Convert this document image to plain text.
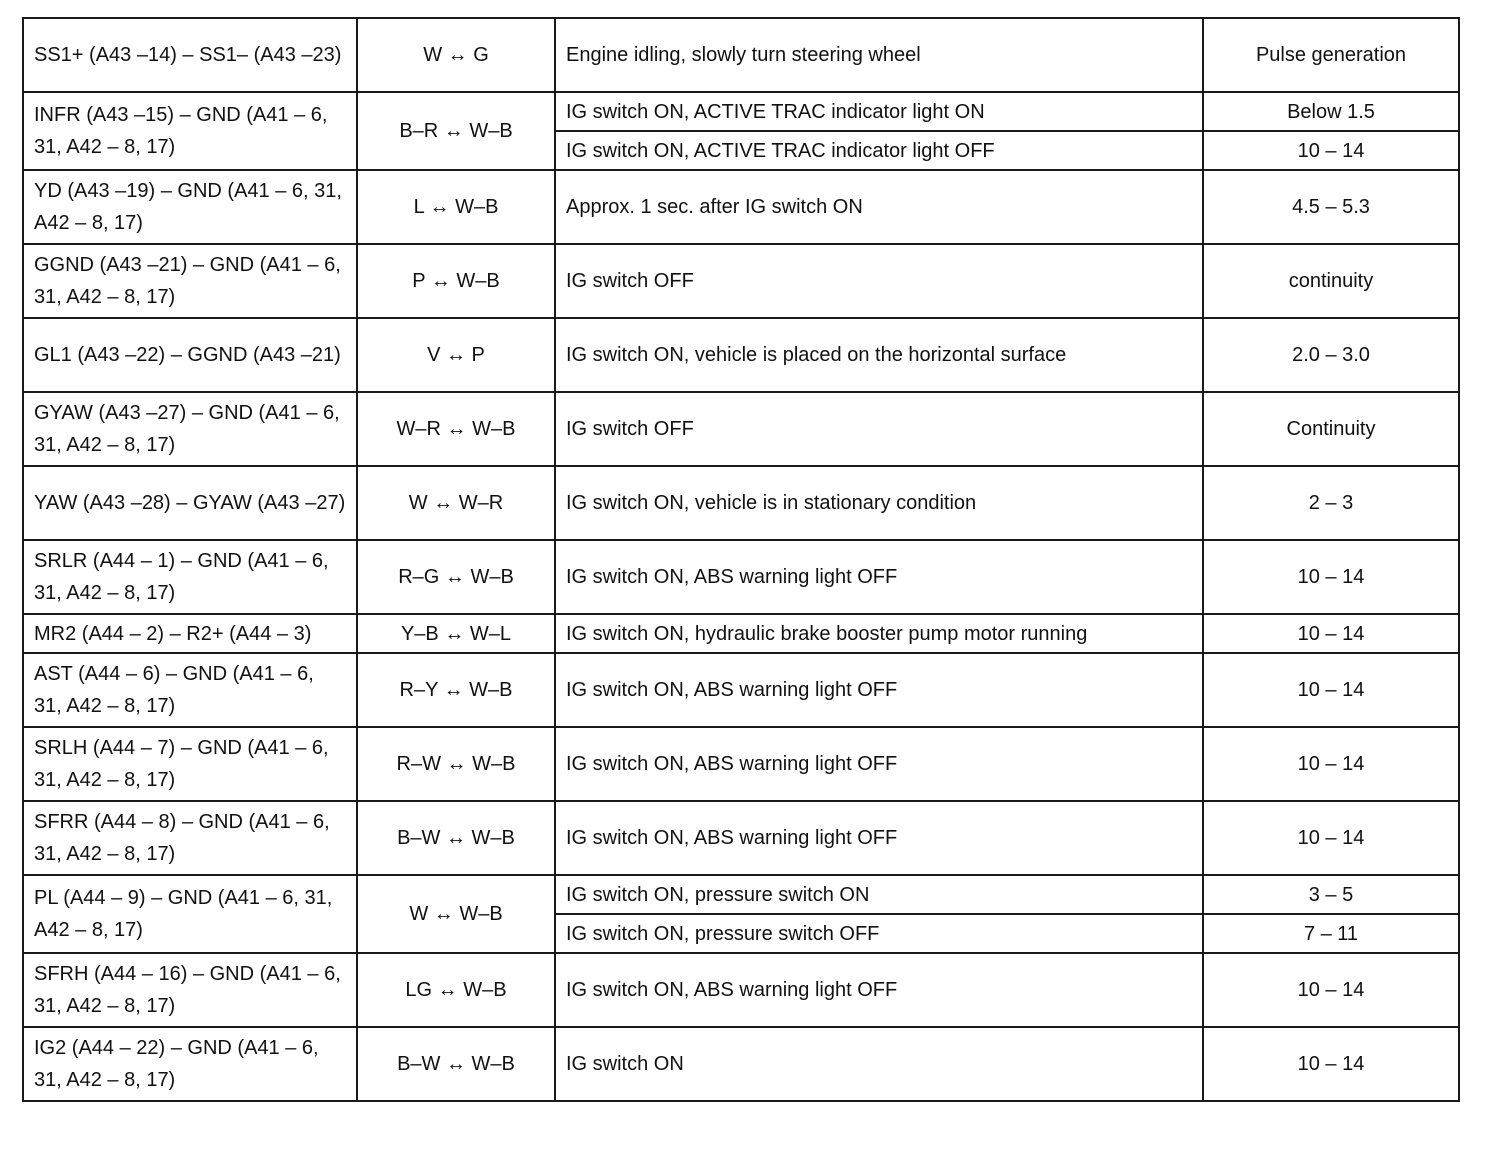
SS1+ (A43 –14) – SS1– (A43 –23)	W ↔ G	Engine idling, slowly turn steering wheel	Pulse generation
INFR (A43 –15) – GND (A41 – 6, 31, A42 – 8, 17)	B–R ↔ W–B	IG switch ON, ACTIVE TRAC indicator light ON	Below 1.5
		IG switch ON, ACTIVE TRAC indicator light OFF	10 – 14
YD (A43 –19) – GND (A41 – 6, 31, A42 – 8, 17)	L ↔ W–B	Approx. 1 sec. after IG switch ON	4.5 – 5.3
GGND (A43 –21) – GND (A41 – 6, 31, A42 – 8, 17)	P ↔ W–B	IG switch OFF	continuity
GL1 (A43 –22) – GGND (A43 –21)	V ↔ P	IG switch ON, vehicle is placed on the horizontal surface	2.0 – 3.0
GYAW (A43 –27) – GND (A41 – 6, 31, A42 – 8, 17)	W–R ↔ W–B	IG switch OFF	Continuity
YAW (A43 –28) – GYAW (A43 –27)	W ↔ W–R	IG switch ON, vehicle is in stationary condition	2 – 3
SRLR (A44 – 1) – GND (A41 – 6, 31, A42 – 8, 17)	R–G ↔ W–B	IG switch ON, ABS warning light OFF	10 – 14
MR2 (A44 – 2) – R2+ (A44 – 3)	Y–B ↔ W–L	IG switch ON, hydraulic brake booster pump motor running	10 – 14
AST (A44 – 6) – GND (A41 – 6, 31, A42 – 8, 17)	R–Y ↔ W–B	IG switch ON, ABS warning light OFF	10 – 14
SRLH (A44 – 7) – GND (A41 – 6, 31, A42 – 8, 17)	R–W ↔ W–B	IG switch ON, ABS warning light OFF	10 – 14
SFRR (A44 – 8) – GND (A41 – 6, 31, A42 – 8, 17)	B–W ↔ W–B	IG switch ON, ABS warning light OFF	10 – 14
PL (A44 – 9) – GND (A41 – 6, 31, A42 – 8, 17)	W ↔ W–B	IG switch ON, pressure switch ON	3 – 5
		IG switch ON, pressure switch OFF	7 – 11
SFRH (A44 – 16) – GND (A41 – 6, 31, A42 – 8, 17)	LG ↔ W–B	IG switch ON, ABS warning light OFF	10 – 14
IG2 (A44 – 22) – GND (A41 – 6, 31, A42 – 8, 17)	B–W ↔ W–B	IG switch ON	10 – 14
